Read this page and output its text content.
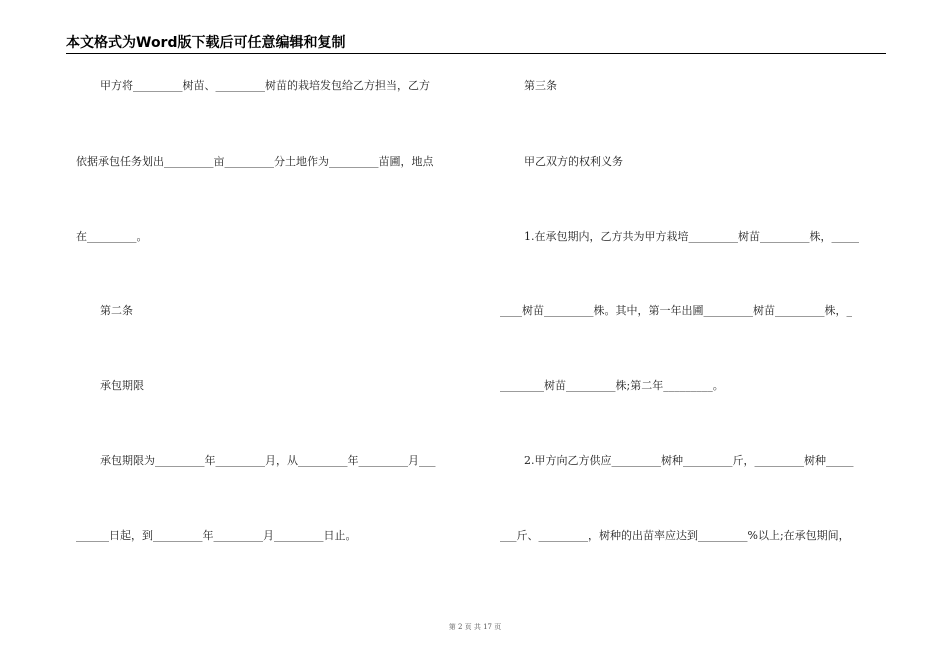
本文格式为Word版下载后可任意编辑和复制
甲方将_________树苗、_________树苗的栽培发包给乙方担当，乙方
依据承包任务划出_________亩_________分土地作为_________苗圃，地点
在_________。
第二条
承包期限
承包期限为_________年_________月，从_________年_________月___
______日起，到_________年_________月_________日止。
第三条
甲乙双方的权利义务
1.在承包期内，乙方共为甲方栽培_________树苗_________株，_____
____树苗_________株。其中，第一年出圃_________树苗_________株，_
________树苗_________株;第二年_________。
2.甲方向乙方供应_________树种_________斤，_________树种_____
___斤、_________，树种的出苗率应达到_________%以上;在承包期间，
第 2 页 共 17 页
